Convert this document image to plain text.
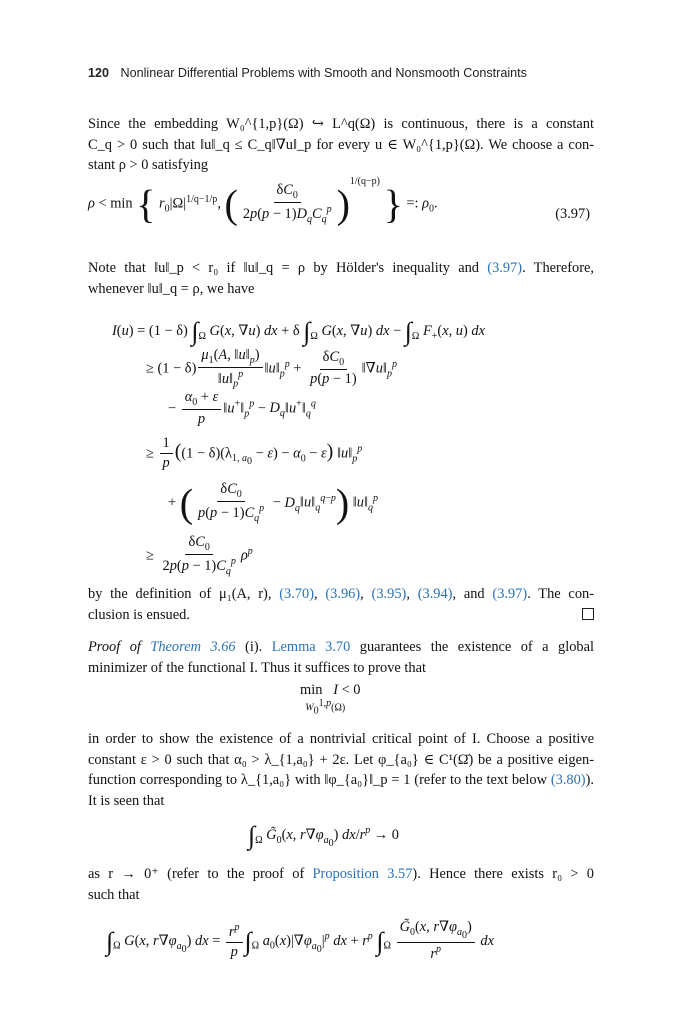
120 Nonlinear Differential Problems with Smooth and Nonsmooth Constraints
Since the embedding W₀^{1,p}(Ω) ↪ L^q(Ω) is continuous, there is a constant
C_q > 0 such that ‖u‖_q ≤ C_q‖∇u‖_p for every u ∈ W₀^{1,p}(Ω). We choose a con-
stant ρ > 0 satisfying
ρ < min { $r_0|\Omega|^{1/q-1/p}$, ( $\frac{\delta C_0}{2p(p - 1)D_qC_q^p} )^{1/(q-p)}$ } =: $\rho_0$.
(3.97)
Note that ‖u‖_p < r₀ if ‖u‖_q = ρ by Hölder's inequality and (3.97). Therefore,
whenever ‖u‖_q = ρ, we have
I(u) = (1 − δ) $\int_\Omega$ G(x, ∇u) dx + δ $\int_\Omega$ G(x, ∇u) dx − $\int_\Omega$ $F_+(x$, u) dx
≥ $(1 - \delta) \frac{\mu_1(A, ‖u‖_p)}{‖u‖_p^p}$ $‖u‖_p^p + \frac{\delta C_0}{p(p - 1)}$ $‖\nabla u‖_p^p$
− $\frac{\alpha_0 + \varepsilon}{p}$ $‖u^+‖_p^p$ − $D_q‖u^+‖_q^q$
≥ $\frac{1}{p} ((1 - \delta)(\lambda_{1, a_0} - \varepsilon) - \alpha_0 - \varepsilon)$ $‖u‖_p^p$
+ ( $\frac{\delta C_0}{p(p - 1)C_q^p}$ − $D_q‖u‖_q^{q-p}$) $‖u‖_q^p$
≥ $\frac{\delta C_0}{2p(p - 1)C_q^p} \rho^p$
by the definition of μ₁(A, r), (3.70), (3.96), (3.95), (3.94), and (3.97). The con-
clusion is ensued.
Proof of Theorem 3.66 (i). Lemma 3.70 guarantees the existence of a global
minimizer of the functional I. Thus it suffices to prove that
min   I < 0
$W_0^{1,p}(\Omega)$
in order to show the existence of a nontrivial critical point of I. Choose a positive
constant ε > 0 such that α₀ > λ_{1,a₀} + 2ε. Let φ_{a₀} ∈ C¹(Ω̄) be a positive eigen-
function corresponding to λ_{1,a₀} with ‖φ_{a₀}‖_p = 1 (refer to the text below (3.80)).
It is seen that
$\int_\Omega$ $G̃_0(x$, $r\nabla\varphi_{a_0}$) $dx/r^p \to 0$
as r → 0⁺ (refer to the proof of Proposition 3.57). Hence there exists r₀ > 0
such that
$\int_\Omega$ G(x, $r\nabla\varphi_{a_0}$) dx = $\frac{r^p}{p} \int_\Omega$ $a_0(x)|\nabla\varphi_{a_0}|^p$ dx + $r^p$ $\int_\Omega \frac{G̃_0(x, r\nabla\varphi_{a_0})}{r^p}$ dx
